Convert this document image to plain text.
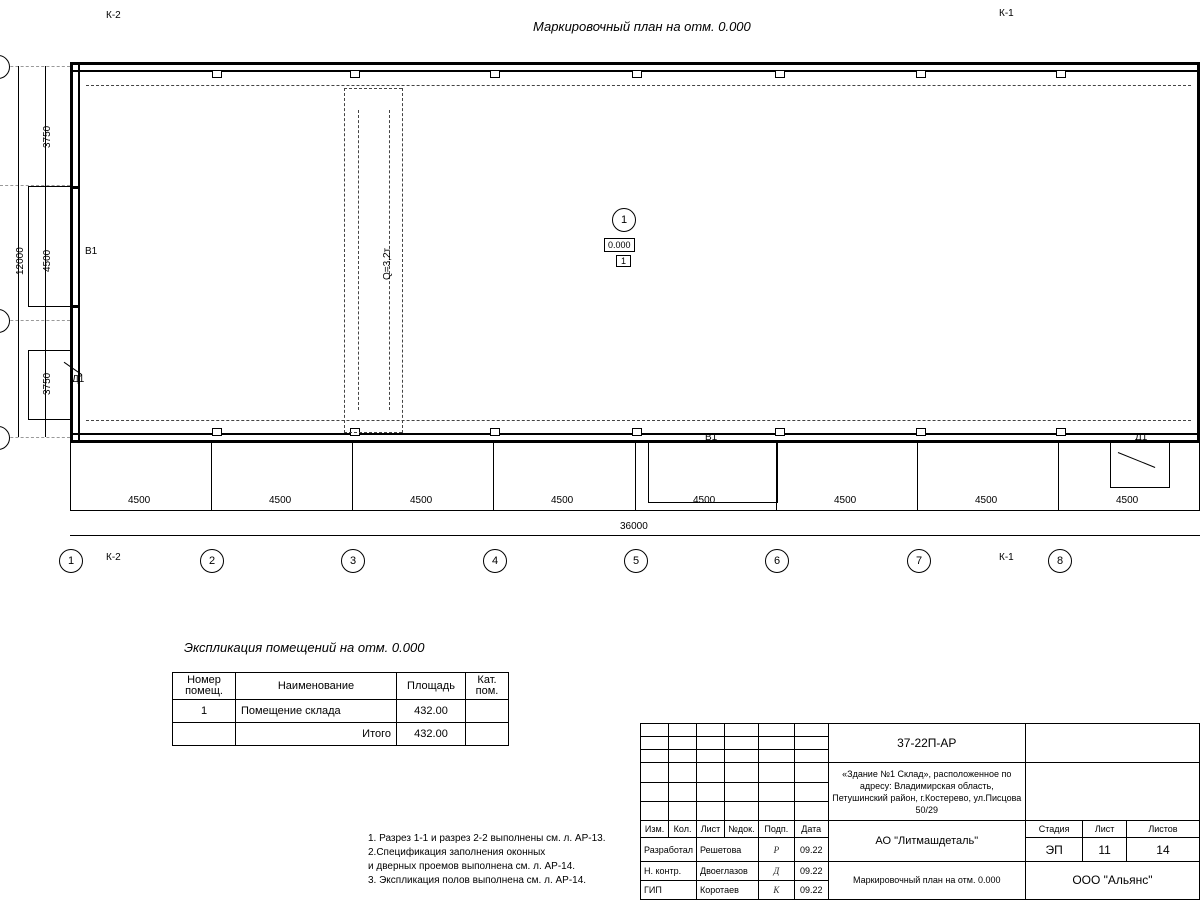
Маркировочный план на отм. 0.000
К-2	К-1
Q=3,2т
1
0.000
1
В1
Д1
В1	Д1
3750
4500
3750
12000
4500	4500	4500	4500	4500	4500	4500	4500
36000
1	2	3	4	5	6	7	8
К-2	К-1
Экспликация помещений на отм. 0.000
Номер помещ.	Наименование	Площадь	Кат. пом.
1	Помещение склада	432.00	
	Итого	432.00	
1. Разрез 1-1 и разрез 2-2 выполнены см. л. АР-13.
2.Спецификация заполнения оконных
и дверных проемов выполнена см. л. АР-14.
3. Экспликация полов выполнена см. л. АР-14.
						37-22П-АР			

						«Здание №1 Склад», расположенное по адресу: Владимирская область, Петушинский район, г.Костерево, ул.Писцова 50/29			

Изм.	Кол.	Лист	№док.	Подп.	Дата	АО "Литмашдеталь"	Стадия	Лист	Листов
Разработал		Решетова		Р	09.22		ЭП	11	14
Н. контр.		Двоеглазов		Д	09.22	Маркировочный план на отм. 0.000	ООО "Альянс"		
ГИП		Коротаев		К	09.22				
